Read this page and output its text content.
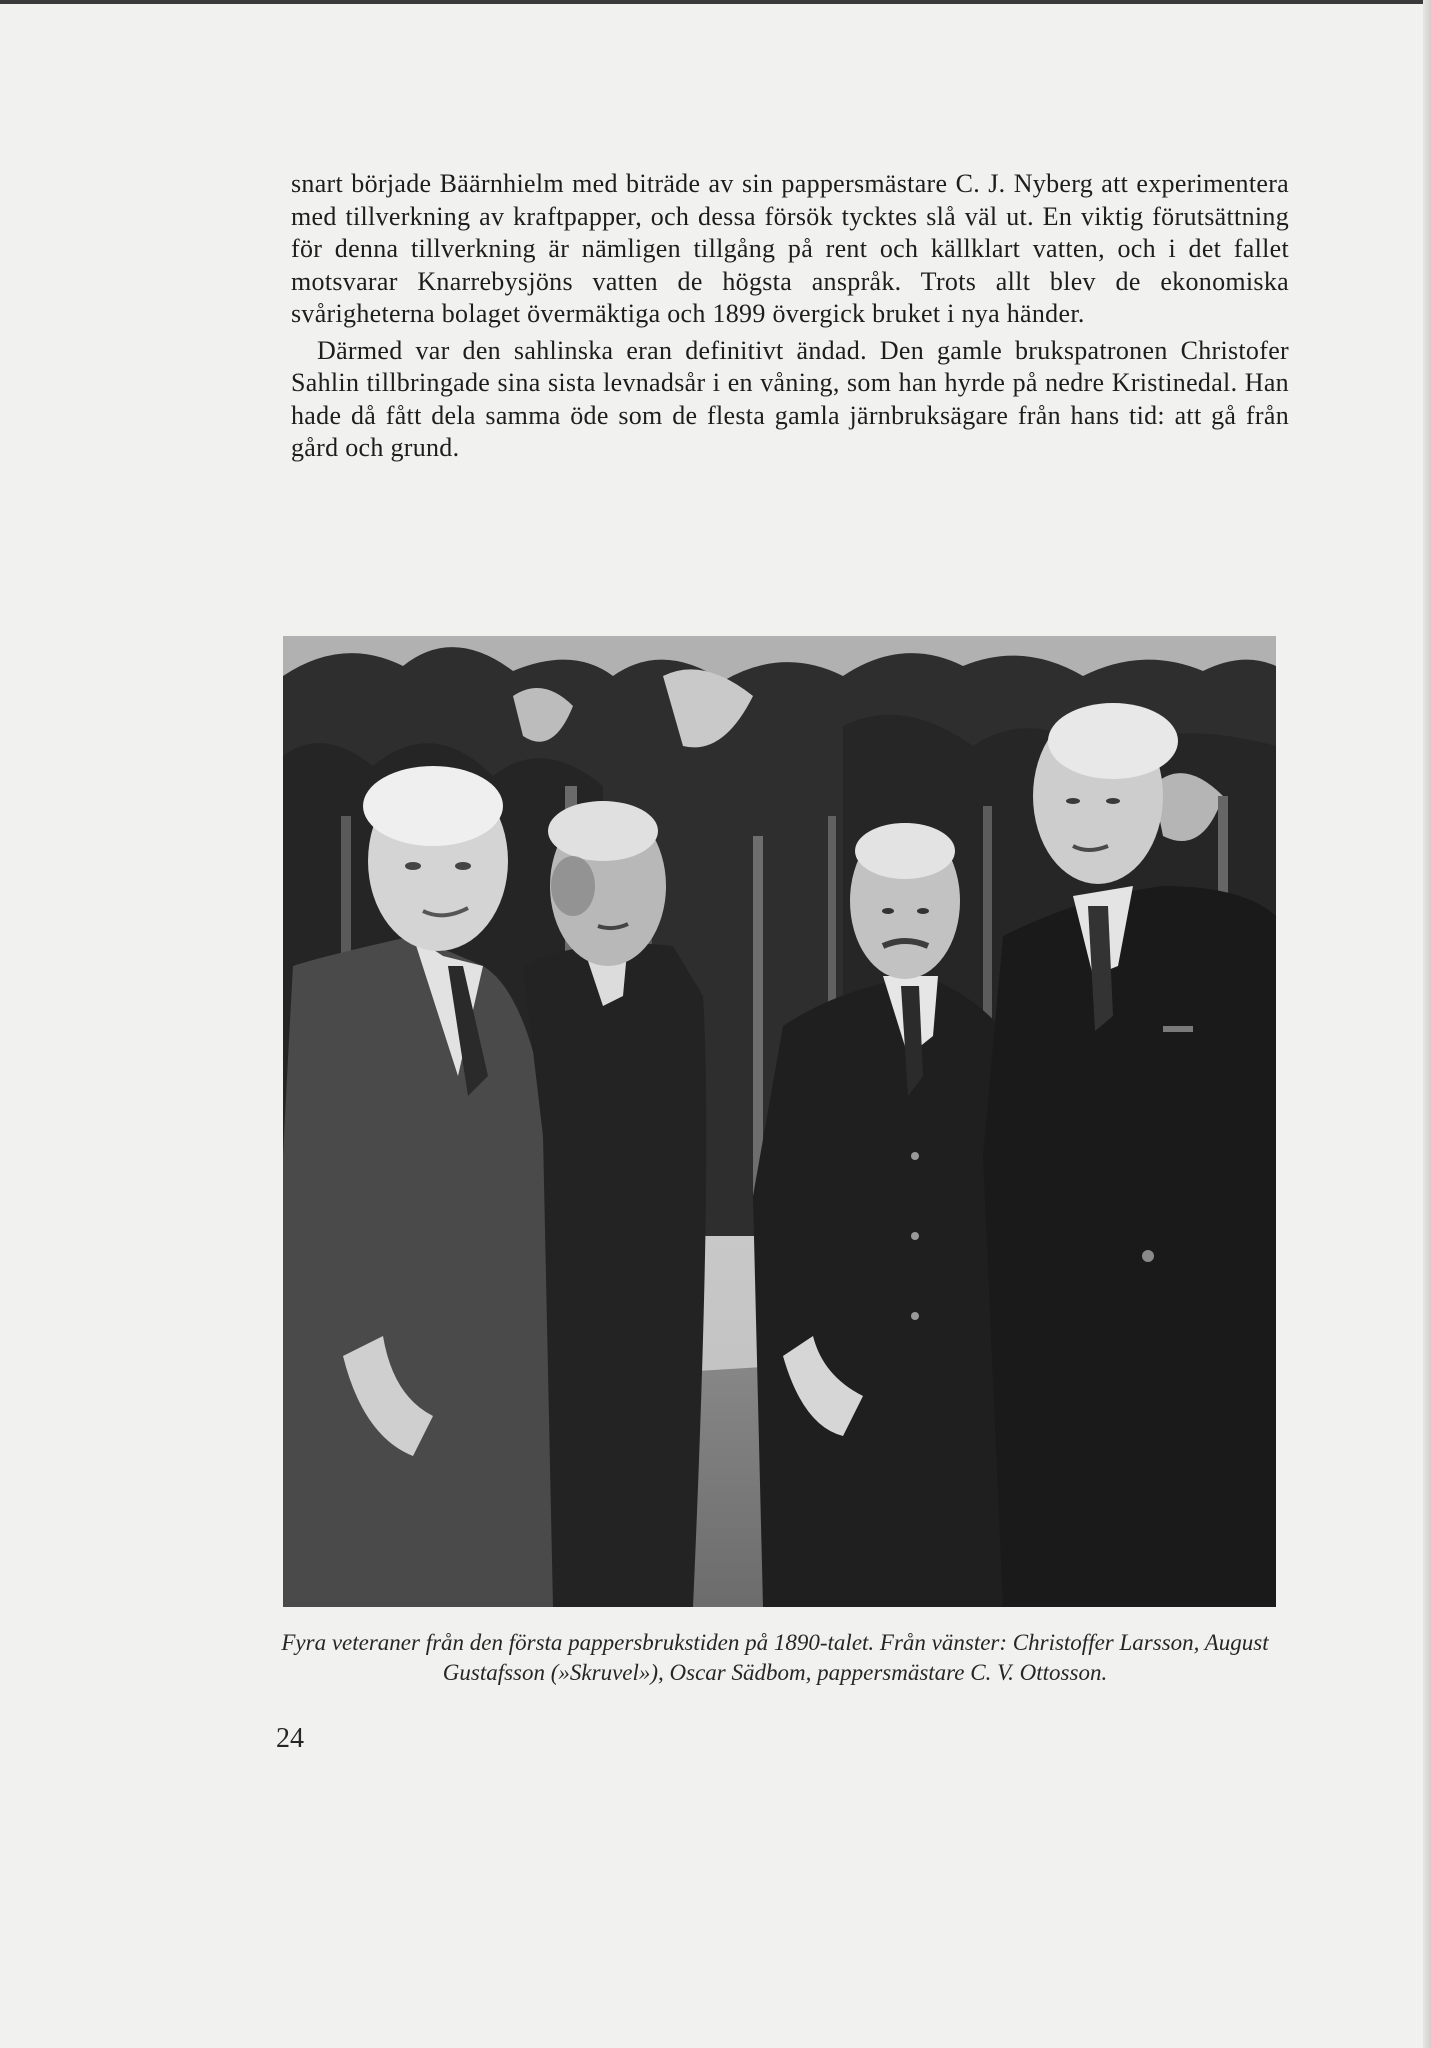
snart började Bäärnhielm med biträde av sin pappersmästare C. J. Nyberg att experimentera med tillverkning av kraftpapper, och dessa försök tycktes slå väl ut. En viktig förutsättning för denna tillverkning är nämligen tillgång på rent och källklart vatten, och i det fallet motsvarar Knarrebysjöns vatten de högsta anspråk. Trots allt blev de ekonomiska svårigheterna bolaget övermäktiga och 1899 övergick bruket i nya händer.

Därmed var den sahlinska eran definitivt ändad. Den gamle brukspatronen Christofer Sahlin tillbringade sina sista levnadsår i en våning, som han hyrde på nedre Kristinedal. Han hade då fått dela samma öde som de flesta gamla järnbruksägare från hans tid: att gå från gård och grund.

Fyra veteraner från den första pappersbrukstiden på 1890-talet. Från vänster: Christoffer Larsson, August
Gustafsson (»Skruvel»), Oscar Sädbom, pappersmästare C. V. Ottosson.
24
